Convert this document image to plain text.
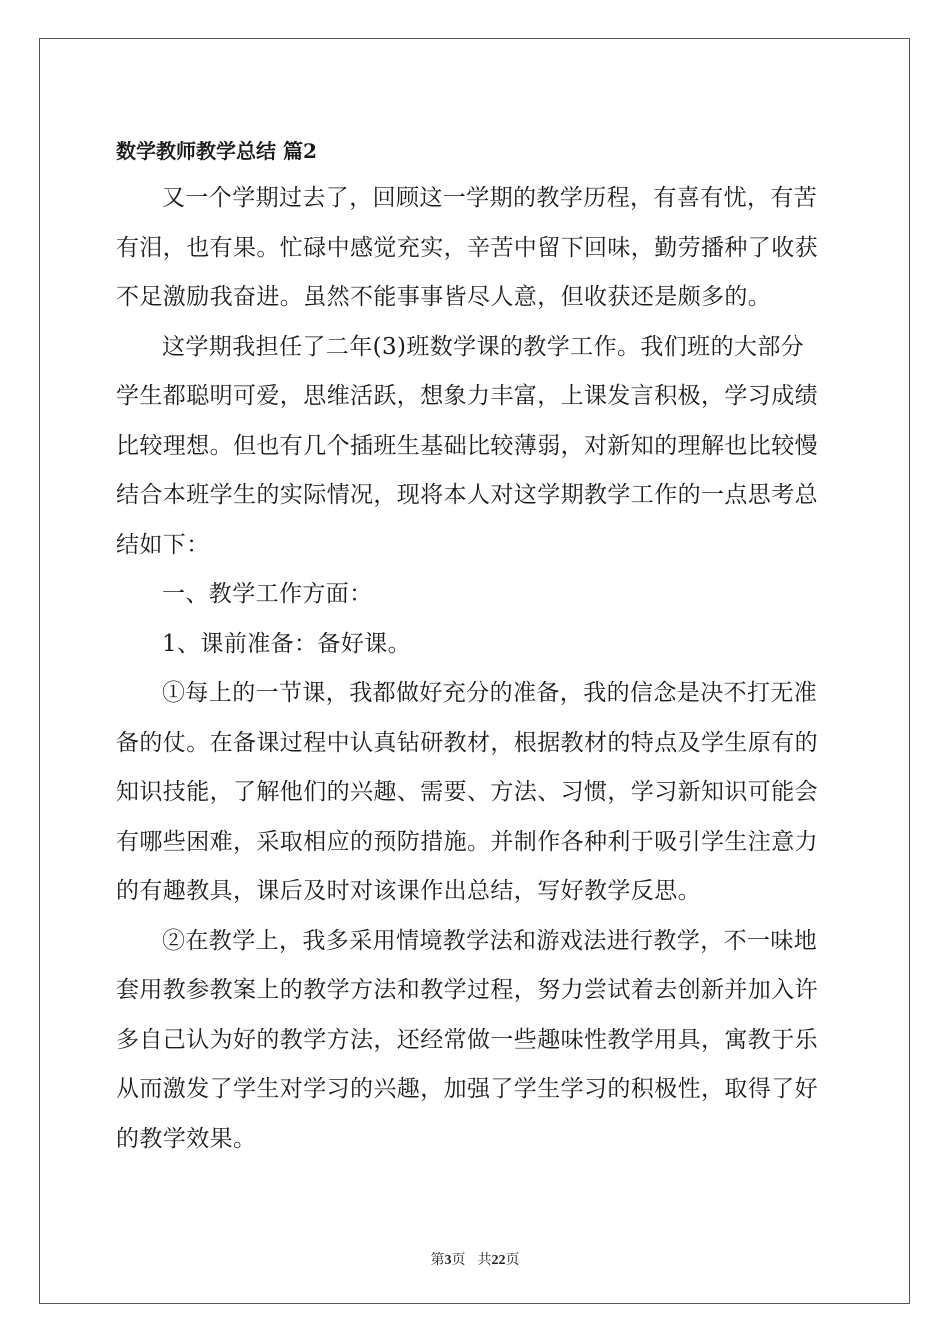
数学教师教学总结 篇2

又一个学期过去了，回顾这一学期的教学历程，有喜有忧，有苦
有泪，也有果。忙碌中感觉充实，辛苦中留下回味，勤劳播种了收获
不足激励我奋进。虽然不能事事皆尽人意，但收获还是颇多的。

这学期我担任了二年(3)班数学课的教学工作。我们班的大部分
学生都聪明可爱，思维活跃，想象力丰富，上课发言积极，学习成绩
比较理想。但也有几个插班生基础比较薄弱，对新知的理解也比较慢
结合本班学生的实际情况，现将本人对这学期教学工作的一点思考总
结如下：

一、教学工作方面：

1、课前准备：备好课。

①每上的一节课，我都做好充分的准备，我的信念是决不打无准
备的仗。在备课过程中认真钻研教材，根据教材的特点及学生原有的
知识技能，了解他们的兴趣、需要、方法、习惯，学习新知识可能会
有哪些困难，采取相应的预防措施。并制作各种利于吸引学生注意力
的有趣教具，课后及时对该课作出总结，写好教学反思。

②在教学上，我多采用情境教学法和游戏法进行教学，不一味地
套用教参教案上的教学方法和教学过程，努力尝试着去创新并加入许
多自己认为好的教学方法，还经常做一些趣味性教学用具，寓教于乐
从而激发了学生对学习的兴趣，加强了学生学习的积极性，取得了好
的教学效果。

第3页 共22页
